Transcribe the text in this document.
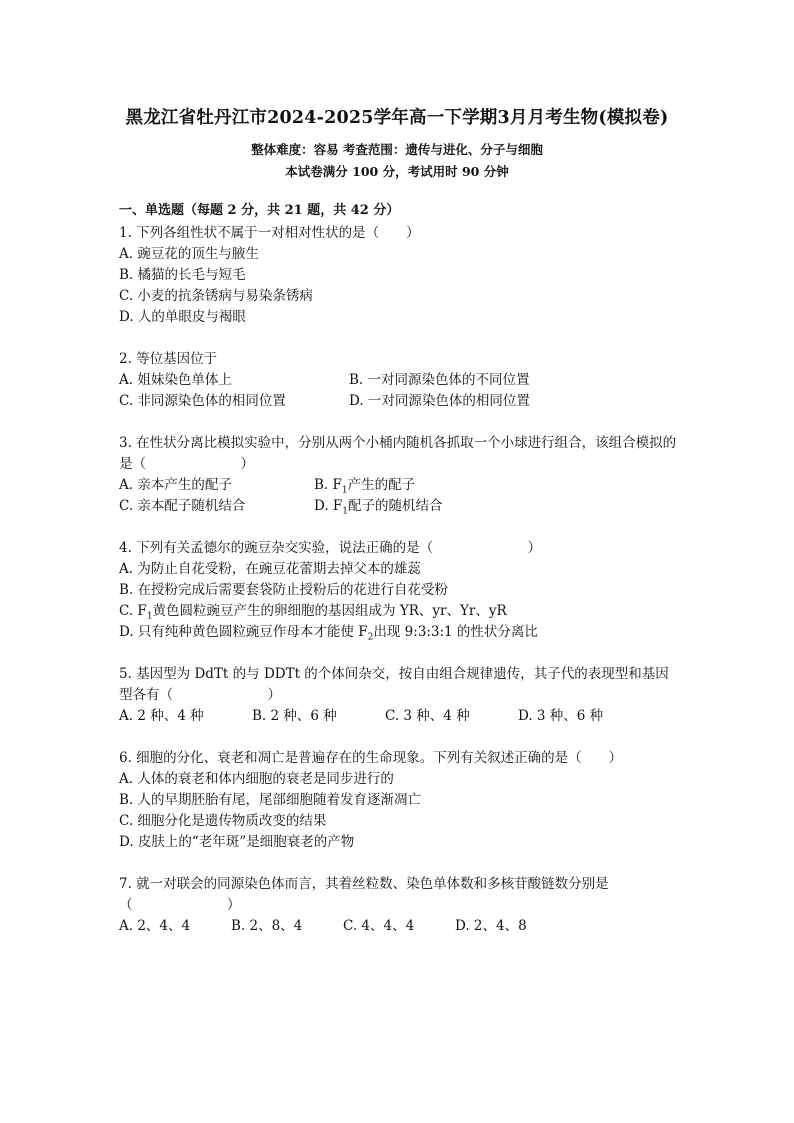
黑龙江省牡丹江市2024-2025学年高一下学期3月月考生物(模拟卷)
整体难度：容易 考查范围：遗传与进化、分子与细胞
本试卷满分 100 分，考试用时 90 分钟
一、单选题（每题 2 分，共 21 题，共 42 分）
1. 下列各组性状不属于一对相对性状的是（　　）
A. 豌豆花的顶生与腋生
B. 橘猫的长毛与短毛
C. 小麦的抗条锈病与易染条锈病
D. 人的单眼皮与褐眼
2. 等位基因位于
A. 姐妹染色单体上	B. 一对同源染色体的不同位置
C. 非同源染色体的相同位置	D. 一对同源染色体的相同位置
3. 在性状分离比模拟实验中，分别从两个小桶内随机各抓取一个小球进行组合，该组合模拟的是（　　　　　　　）
A. 亲本产生的配子	B. $F_1$产生的配子
C. 亲本配子随机结合	D. $F_1$配子的随机结合
4. 下列有关孟德尔的豌豆杂交实验，说法正确的是（　　　　　　　）
A. 为防止自花受粉，在豌豆花蕾期去掉父本的雄蕊
B. 在授粉完成后需要套袋防止授粉后的花进行自花受粉
C. $F_1$黄色圆粒豌豆产生的卵细胞的基因组成为 YR、yr、Yr、yR
D. 只有纯种黄色圆粒豌豆作母本才能使 $F_2$出现 9:3:3:1 的性状分离比
5. 基因型为 DdTt 的与 DDTt 的个体间杂交，按自由组合规律遗传，其子代的表现型和基因型各有（　　　　　　　）
A. 2 种、4 种	B. 2 种、6 种	C. 3 种、4 种	D. 3 种、6 种
6. 细胞的分化、衰老和凋亡是普遍存在的生命现象。下列有关叙述正确的是（　　）
A. 人体的衰老和体内细胞的衰老是同步进行的
B. 人的早期胚胎有尾，尾部细胞随着发育逐渐凋亡
C. 细胞分化是遗传物质改变的结果
D. 皮肤上的“老年斑”是细胞衰老的产物
7. 就一对联会的同源染色体而言，其着丝粒数、染色单体数和多核苷酸链数分别是（　　　　　　　）
A. 2、4、4	B. 2、8、4	C. 4、4、4	D. 2、4、8
